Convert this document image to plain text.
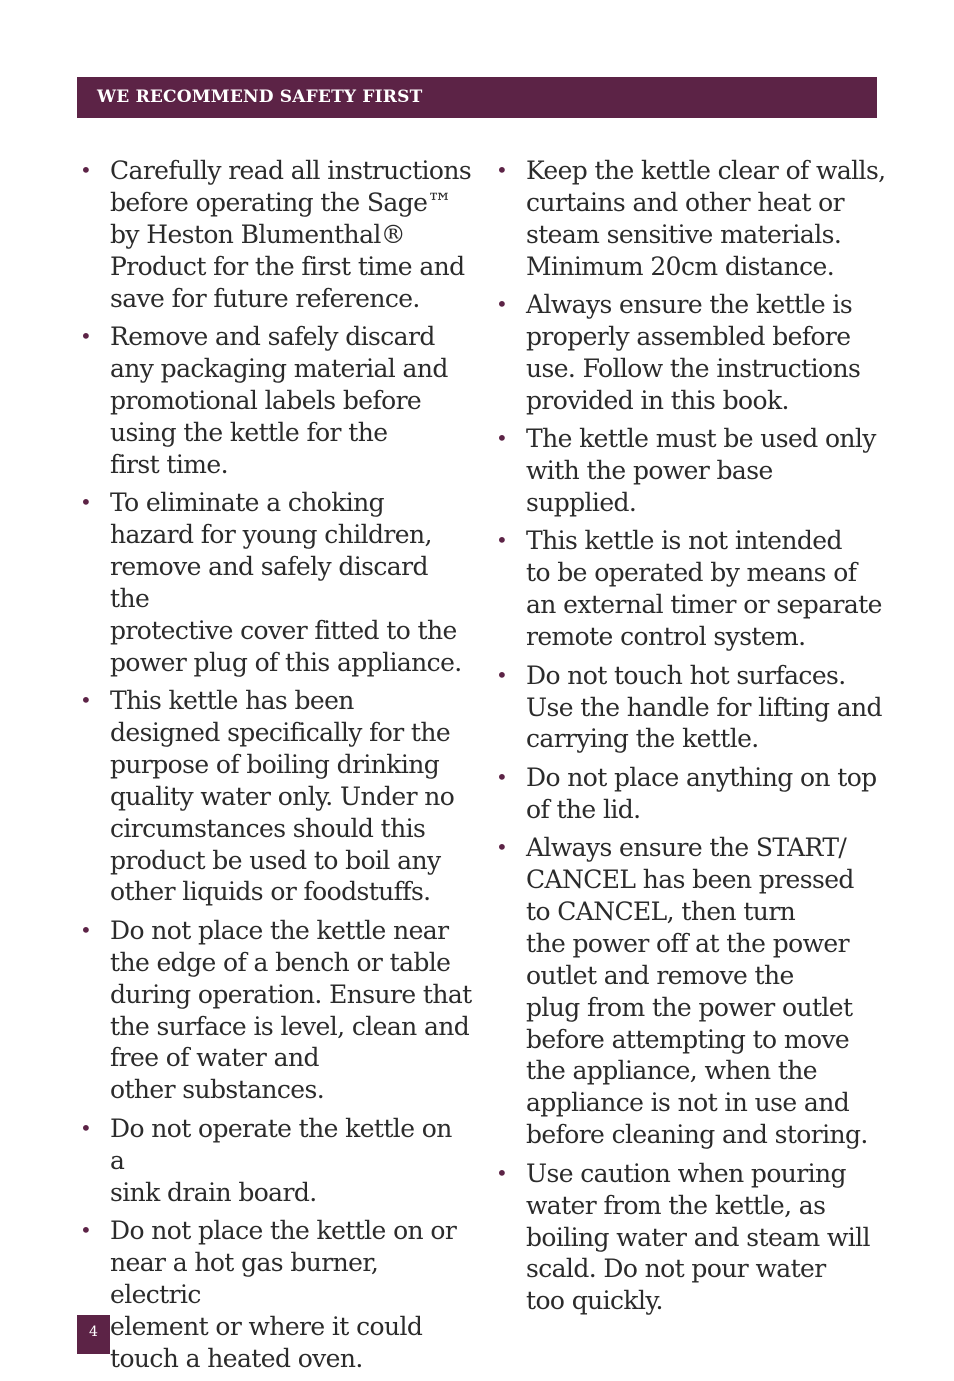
WE RECOMMEND SAFETY FIRST
• Carefully read all instructions
before operating the Sage™
by Heston Blumenthal®
Product for the first time and
save for future reference.
• Remove and safely discard
any packaging material and
promotional labels before
using the kettle for the
first time.
• To eliminate a choking
hazard for young children,
remove and safely discard the
protective cover fitted to the
power plug of this appliance.
• This kettle has been
designed specifically for the
purpose of boiling drinking
quality water only. Under no
circumstances should this
product be used to boil any
other liquids or foodstuffs.
• Do not place the kettle near
the edge of a bench or table
during operation. Ensure that
the surface is level, clean and
free of water and
other substances.
• Do not operate the kettle on a
sink drain board.
• Do not place the kettle on or
near a hot gas burner, electric
element or where it could
touch a heated oven.
• Keep the kettle clear of walls,
curtains and other heat or
steam sensitive materials.
Minimum 20cm distance.
• Always ensure the kettle is
properly assembled before
use. Follow the instructions
provided in this book.
• The kettle must be used only
with the power base supplied.
• This kettle is not intended
to be operated by means of
an external timer or separate
remote control system.
• Do not touch hot surfaces.
Use the handle for lifting and
carrying the kettle.
• Do not place anything on top
of the lid.
• Always ensure the START/
CANCEL has been pressed
to CANCEL, then turn
the power off at the power
outlet and remove the
plug from the power outlet
before attempting to move
the appliance, when the
appliance is not in use and
before cleaning and storing.
• Use caution when pouring
water from the kettle, as
boiling water and steam will
scald. Do not pour water
too quickly.
4
